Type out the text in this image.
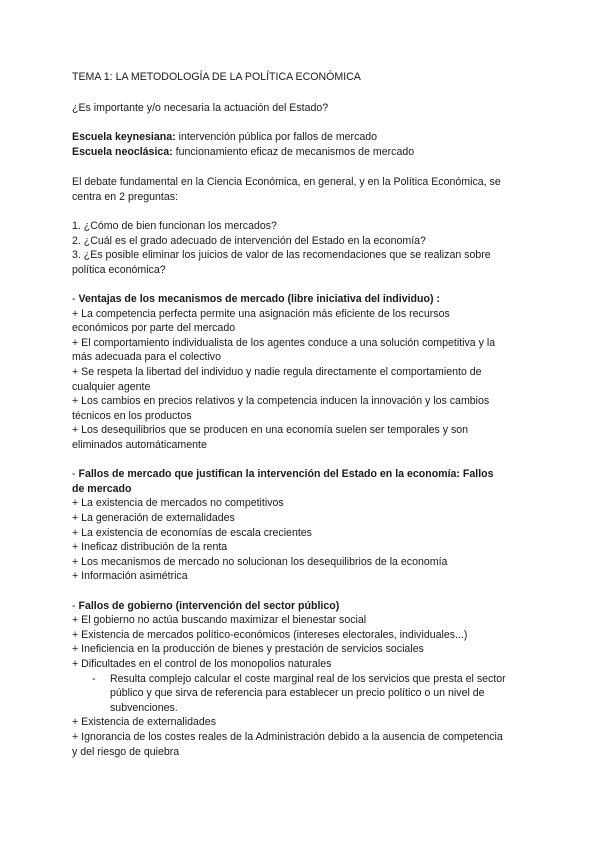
TEMA 1: LA METODOLOGÍA DE LA POLÍTICA ECONÓMICA
¿Es importante y/o necesaria la actuación del Estado?
Escuela keynesiana: intervención pública por fallos de mercado
Escuela neoclásica: funcionamiento eficaz de mecanismos de mercado
El debate fundamental en la Ciencia Económica, en general, y en la Política Económica, se
centra en 2 preguntas:
1. ¿Cómo de bien funcionan los mercados?
2. ¿Cuál es el grado adecuado de intervención del Estado en la economía?
3. ¿Es posible eliminar los juicios de valor de las recomendaciones que se realizan sobre
política económica?
- Ventajas de los mecanismos de mercado (libre iniciativa del individuo) :
+ La competencia perfecta permite una asignación más eficiente de los recursos
económicos por parte del mercado
+ El comportamiento individualista de los agentes conduce a una solución competitiva y la
más adecuada para el colectivo
+ Se respeta la libertad del individuo y nadie regula directamente el comportamiento de
cualquier agente
+ Los cambios en precios relativos y la competencia inducen la innovación y los cambios
técnicos en los productos
+ Los desequilibrios que se producen en una economía suelen ser temporales y son
eliminados automáticamente
- Fallos de mercado que justifican la intervención del Estado en la economía: Fallos
de mercado
+ La existencia de mercados no competitivos
+ La generación de externalidades
+ La existencia de economías de escala crecientes
+ Ineficaz distribución de la renta
+ Los mecanismos de mercado no solucionan los desequilibrios de la economía
+ Información asimétrica
- Fallos de gobierno (intervención del sector público)
+ El gobierno no actúa buscando maximizar el bienestar social
+ Existencia de mercados político-económicos (intereses electorales, individuales...)
+ Ineficiencia en la producción de bienes y prestación de servicios sociales
+ Dificultades en el control de los monopolios naturales
- Resulta complejo calcular el coste marginal real de los servicios que presta el sector
público y que sirva de referencia para establecer un precio político o un nivel de
subvenciones.
+ Existencia de externalidades
+ Ignorancia de los costes reales de la Administración debido a la ausencia de competencia
y del riesgo de quiebra
